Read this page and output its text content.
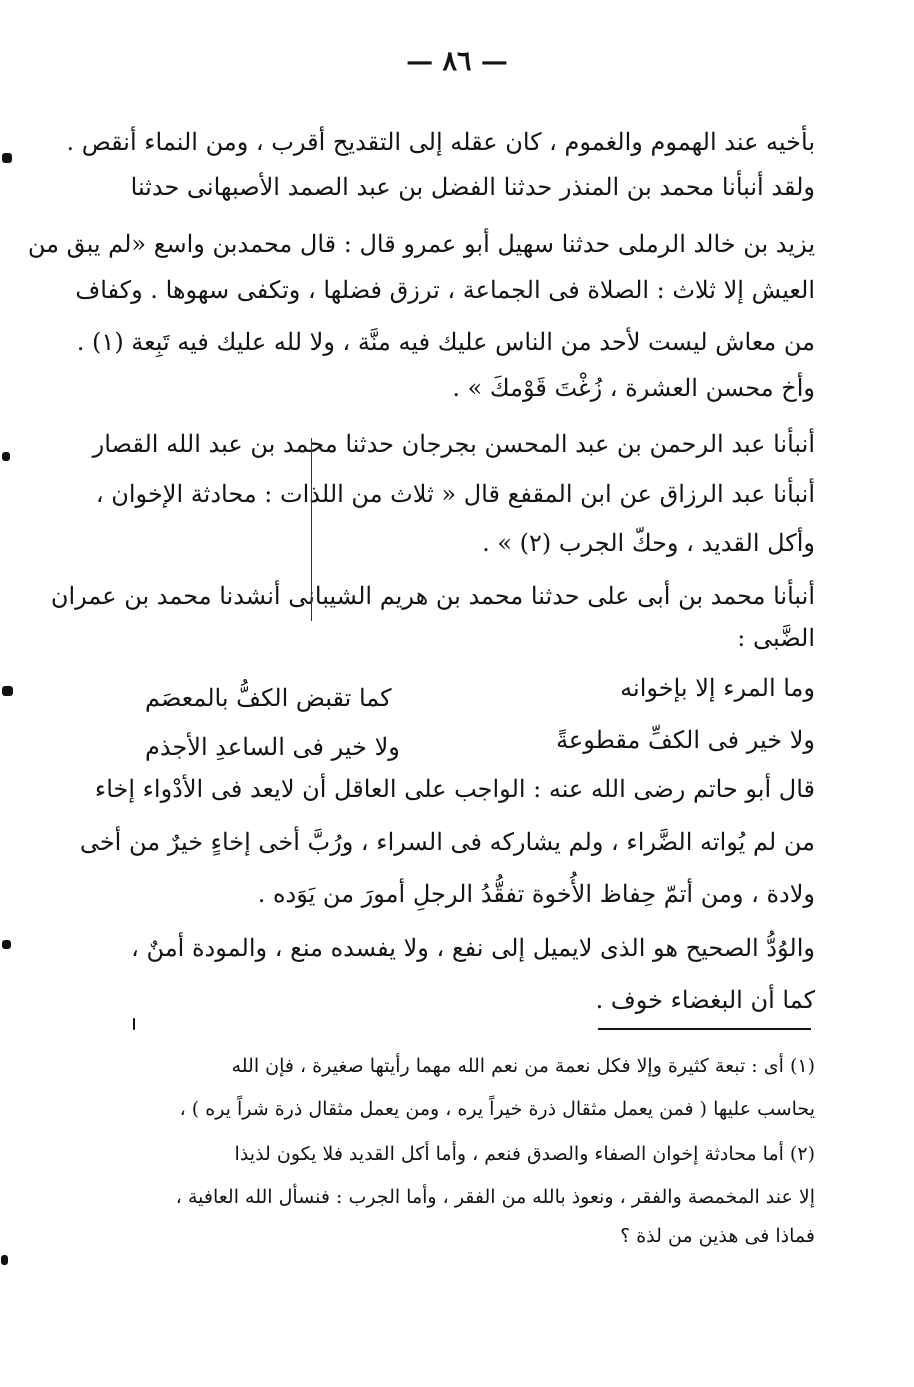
— ٨٦ —
بأخيه عند الهموم والغموم ، كان عقله إلى التقديح أقرب ، ومن النماء أنقص .
ولقد أنبأنا محمد بن المنذر حدثنا الفضل بن عبد الصمد الأصبهانى حدثنا
يزيد بن خالد الرملى حدثنا سهيل أبو عمرو قال : قال محمدبن واسع «لم يبق من
العيش إلا ثلاث : الصلاة فى الجماعة ، ترزق فضلها ، وتكفى سهوها . وكفاف
من معاش ليست لأحد من الناس عليك فيه منَّة ، ولا لله عليك فيه تَبِعة (١) .
وأخ محسن العشرة ، زُغْتَ قَوْمكَ » .
أنبأنا عبد الرحمن بن عبد المحسن بجرجان حدثنا محمد بن عبد الله القصار
أنبأنا عبد الرزاق عن ابن المقفع قال « ثلاث من اللذات : محادثة الإخوان ،
وأكل القديد ، وحكّ الجرب (٢) » .
أنبأنا محمد بن أبى على حدثنا محمد بن هريم الشيبانى أنشدنا محمد بن عمران
الضَّبى :
وما المرء إلا بإخوانه
كما تقبض الكفُّ بالمعصَم
ولا خير فى الكفِّ مقطوعةً
ولا خير فى الساعدِ الأجذم
قال أبو حاتم رضى الله عنه : الواجب على العاقل أن لايعد فى الأدْواء إخاء
من لم يُواته الضَّراء ، ولم يشاركه فى السراء ، ورُبَّ أخى إخاءٍ خيرٌ من أخى
ولادة ، ومن أتمّ حِفاظ الأُخوة تفقُّدُ الرجلِ أمورَ من يَوَده .
والوُدُّ الصحيح هو الذى لايميل إلى نفع ، ولا يفسده منع ، والمودة أمنٌ ،
كما أن البغضاء خوف .
(١) أى : تبعة كثيرة وإلا فكل نعمة من نعم الله مهما رأيتها صغيرة ، فإن الله
يحاسب عليها ( فمن يعمل مثقال ذرة خيراً يره ، ومن يعمل مثقال ذرة شراً يره ) ،
(٢) أما محادثة إخوان الصفاء والصدق فنعم ، وأما أكل القديد فلا يكون لذيذا
إلا عند المخمصة والفقر ، ونعوذ بالله من الفقر ، وأما الجرب : فنسأل الله العافية ،
فماذا فى هذين من لذة ؟
